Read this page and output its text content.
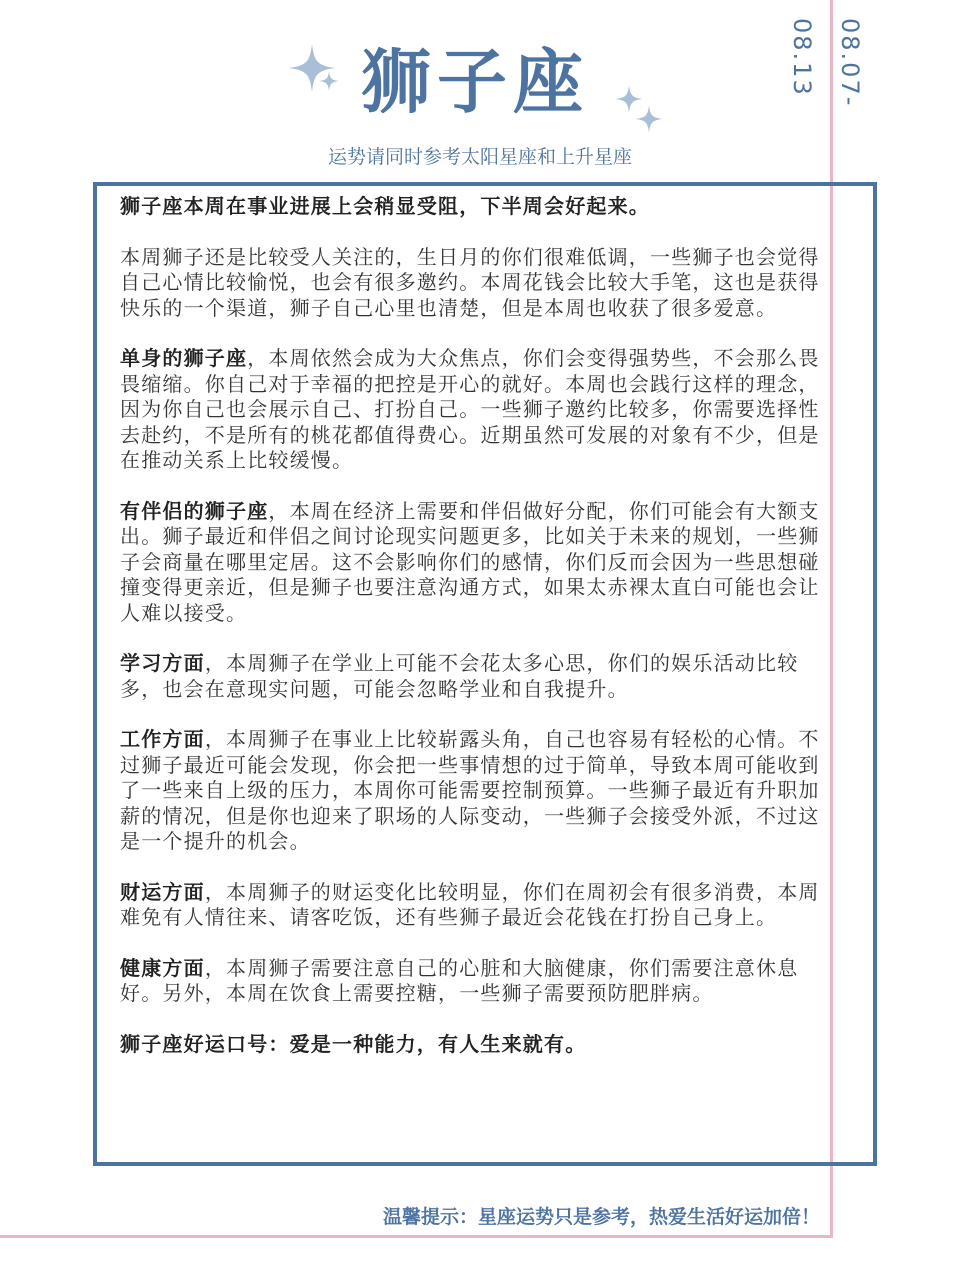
08.07-08.13
狮子座
运势请同时参考太阳星座和上升星座

狮子座本周在事业进展上会稍显受阻，下半周会好起来。

本周狮子还是比较受人关注的，生日月的你们很难低调，一些狮子也会觉得自己心情比较愉悦，也会有很多邀约。本周花钱会比较大手笔，这也是获得快乐的一个渠道，狮子自己心里也清楚，但是本周也收获了很多爱意。

单身的狮子座，本周依然会成为大众焦点，你们会变得强势些，不会那么畏畏缩缩。你自己对于幸福的把控是开心的就好。本周也会践行这样的理念，因为你自己也会展示自己、打扮自己。一些狮子邀约比较多，你需要选择性去赴约，不是所有的桃花都值得费心。近期虽然可发展的对象有不少，但是在推动关系上比较缓慢。

有伴侣的狮子座，本周在经济上需要和伴侣做好分配，你们可能会有大额支出。狮子最近和伴侣之间讨论现实问题更多，比如关于未来的规划，一些狮子会商量在哪里定居。这不会影响你们的感情，你们反而会因为一些思想碰撞变得更亲近，但是狮子也要注意沟通方式，如果太赤裸太直白可能也会让人难以接受。

学习方面，本周狮子在学业上可能不会花太多心思，你们的娱乐活动比较多，也会在意现实问题，可能会忽略学业和自我提升。

工作方面，本周狮子在事业上比较崭露头角，自己也容易有轻松的心情。不过狮子最近可能会发现，你会把一些事情想的过于简单，导致本周可能收到了一些来自上级的压力，本周你可能需要控制预算。一些狮子最近有升职加薪的情况，但是你也迎来了职场的人际变动，一些狮子会接受外派，不过这是一个提升的机会。

财运方面，本周狮子的财运变化比较明显，你们在周初会有很多消费，本周难免有人情往来、请客吃饭，还有些狮子最近会花钱在打扮自己身上。

健康方面，本周狮子需要注意自己的心脏和大脑健康，你们需要注意休息好。另外，本周在饮食上需要控糖，一些狮子需要预防肥胖病。

狮子座好运口号：爱是一种能力，有人生来就有。

温馨提示：星座运势只是参考，热爱生活好运加倍！
